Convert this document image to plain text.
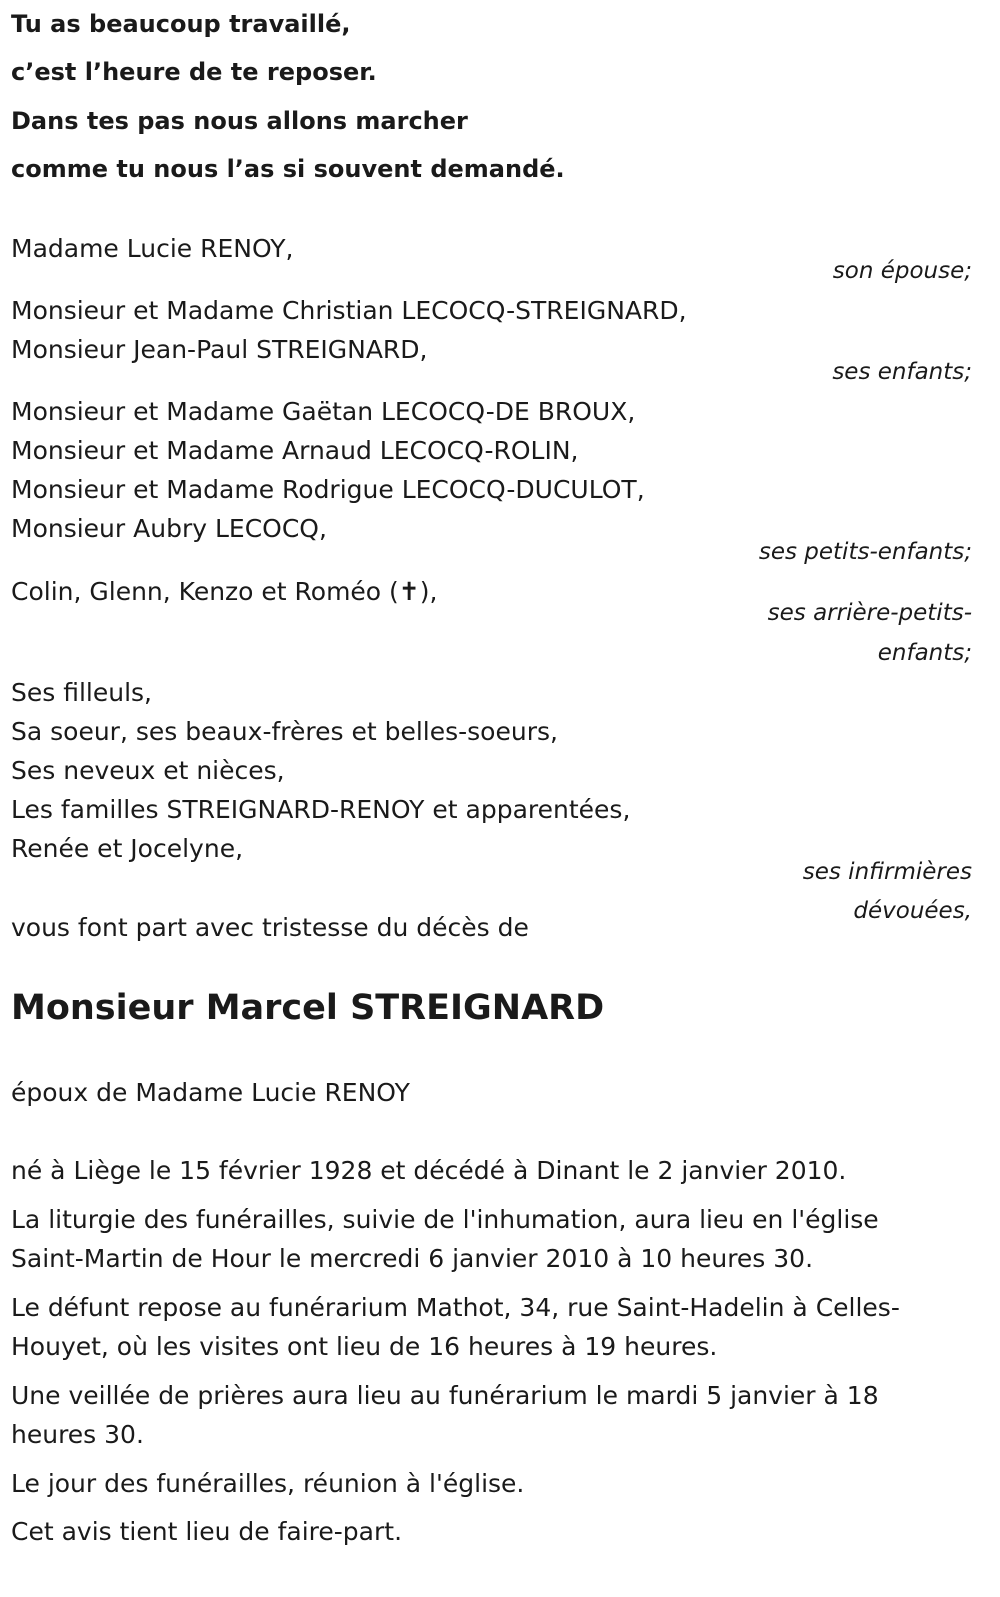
Tu as beaucoup travaillé,
c’est l’heure de te reposer.
Dans tes pas nous allons marcher
comme tu nous l’as si souvent demandé.
Madame Lucie RENOY,
son épouse;
Monsieur et Madame Christian LECOCQ-STREIGNARD,
Monsieur Jean-Paul STREIGNARD,
ses enfants;
Monsieur et Madame Gaëtan LECOCQ-DE BROUX,
Monsieur et Madame Arnaud LECOCQ-ROLIN,
Monsieur et Madame Rodrigue LECOCQ-DUCULOT,
Monsieur Aubry LECOCQ,
ses petits-enfants;
Colin, Glenn, Kenzo et Roméo (✝),
ses arrière-petits-
enfants;
Ses filleuls,
Sa soeur, ses beaux-frères et belles-soeurs,
Ses neveux et nièces,
Les familles STREIGNARD-RENOY et apparentées,
Renée et Jocelyne,
ses infirmières
dévouées,
vous font part avec tristesse du décès de
Monsieur Marcel STREIGNARD
époux de Madame Lucie RENOY
né à Liège le 15 février 1928 et décédé à Dinant le 2 janvier 2010.
La liturgie des funérailles, suivie de l'inhumation, aura lieu en l'église
Saint-Martin de Hour le mercredi 6 janvier 2010 à 10 heures 30.
Le défunt repose au funérarium Mathot, 34, rue Saint-Hadelin à Celles-
Houyet, où les visites ont lieu de 16 heures à 19 heures.
Une veillée de prières aura lieu au funérarium le mardi 5 janvier à 18
heures 30.
Le jour des funérailles, réunion à l'église.
Cet avis tient lieu de faire-part.
